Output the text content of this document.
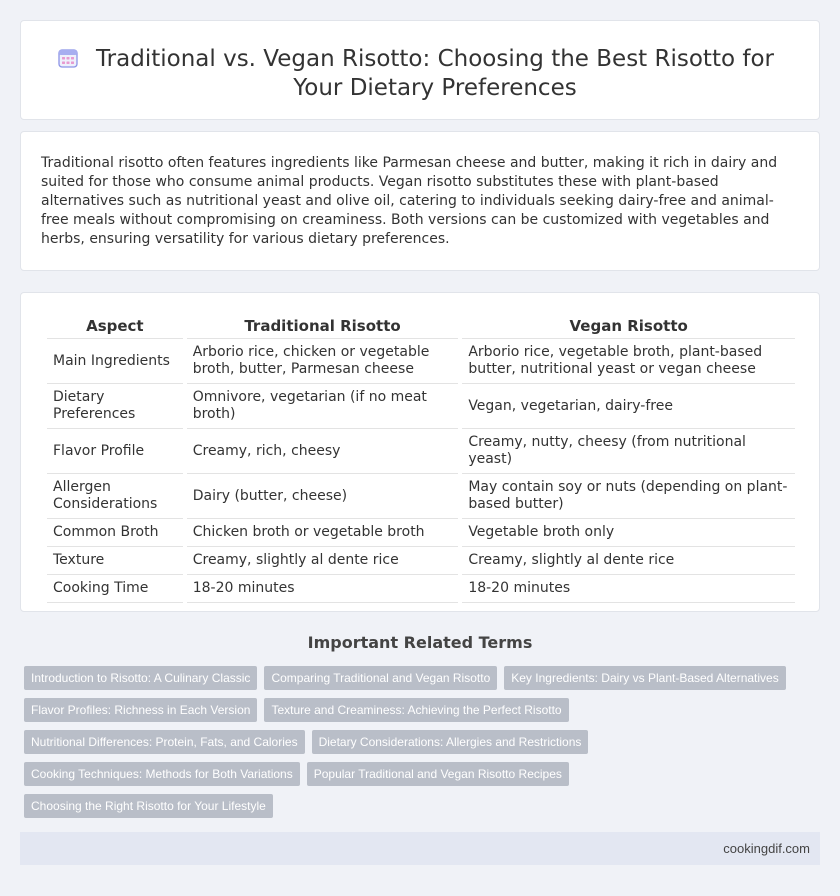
Traditional vs. Vegan Risotto: Choosing the Best Risotto for Your Dietary Preferences

Traditional risotto often features ingredients like Parmesan cheese and butter, making it rich in dairy and suited for those who consume animal products. Vegan risotto substitutes these with plant-based alternatives such as nutritional yeast and olive oil, catering to individuals seeking dairy-free and animal-free meals without compromising on creaminess. Both versions can be customized with vegetables and herbs, ensuring versatility for various dietary preferences.

Aspect	Traditional Risotto	Vegan Risotto
Main Ingredients	Arborio rice, chicken or vegetable broth, butter, Parmesan cheese	Arborio rice, vegetable broth, plant-based butter, nutritional yeast or vegan cheese
Dietary Preferences	Omnivore, vegetarian (if no meat broth)	Vegan, vegetarian, dairy-free
Flavor Profile	Creamy, rich, cheesy	Creamy, nutty, cheesy (from nutritional yeast)
Allergen Considerations	Dairy (butter, cheese)	May contain soy or nuts (depending on plant-based butter)
Common Broth	Chicken broth or vegetable broth	Vegetable broth only
Texture	Creamy, slightly al dente rice	Creamy, slightly al dente rice
Cooking Time	18-20 minutes	18-20 minutes
Important Related Terms
Introduction to Risotto: A Culinary Classic	Comparing Traditional and Vegan Risotto	Key Ingredients: Dairy vs Plant-Based Alternatives
Flavor Profiles: Richness in Each Version	Texture and Creaminess: Achieving the Perfect Risotto
Nutritional Differences: Protein, Fats, and Calories	Dietary Considerations: Allergies and Restrictions
Cooking Techniques: Methods for Both Variations	Popular Traditional and Vegan Risotto Recipes
Choosing the Right Risotto for Your Lifestyle
cookingdif.com
